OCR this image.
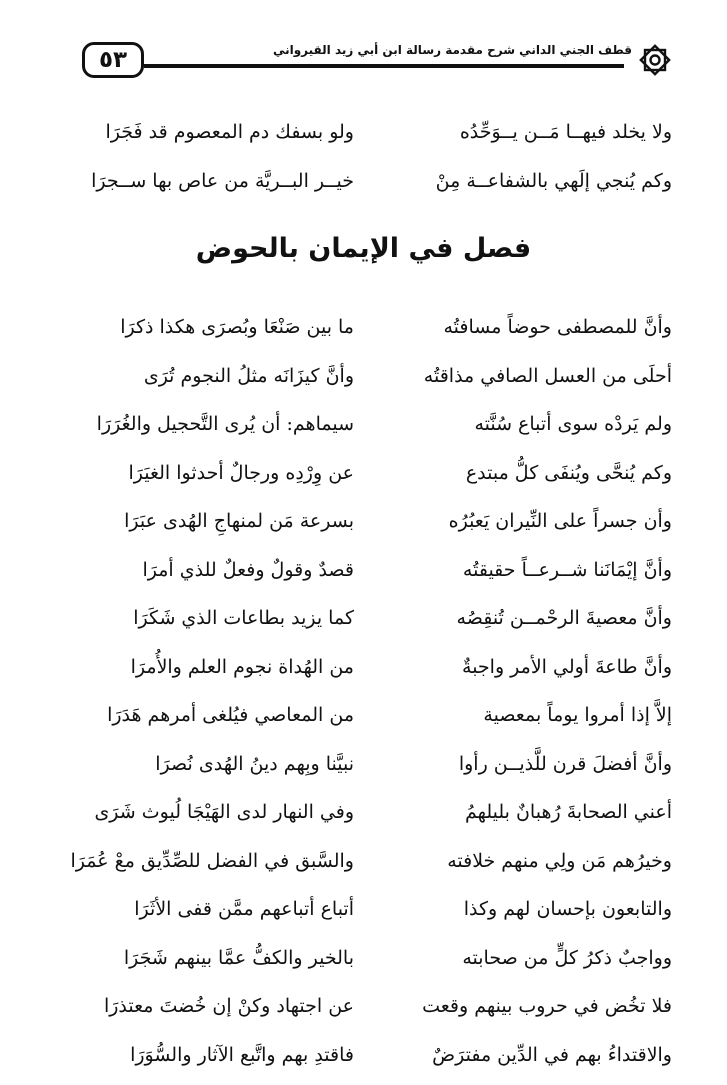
٥٣	قطف الجني الداني شرح مقدمة رسالة ابن أبي زيد القيرواني
ولا يخلد فيهــا مَــن يــوَحِّدُه
ولو بسفك دم المعصوم قد فَجَرَا
وكم يُنجي إلَهي بالشفاعــة مِنْ
خيــر البــريَّة من عاص بها ســجرَا
فصل في الإيمان بالحوض
وأنَّ للمصطفى حوضاً مسافتُه
ما بين صَنْعَا وبُصرَى هكذا ذكرَا
أحلَى من العسل الصافي مذاقتُه
وأنَّ كيزَانَه مثلُ النجوم تُرَى
ولم يَردْه سوى أتباع سُنَّته
سيماهم: أن يُرى التَّحجيل والغُرَرَا
وكم يُنحَّى ويُنفَى كلُّ مبتدع
عن وِرْدِه ورجالٌ أحدثوا الغيَرَا
وأن جسراً على النِّيران يَعبُرُه
بسرعة مَن لمنهاجِ الهُدى عبَرَا
وأنَّ إيْمَانَنا شــرعــاً حقيقتُه
قصدٌ وقولٌ وفعلٌ للذي أمرَا
وأنَّ معصيةَ الرحْمــن تُنقِصُه
كما يزيد بطاعات الذي شَكَرَا
وأنَّ طاعةَ أولي الأمر واجبةٌ
من الهُداة نجوم العلم والأُمرَا
إلاَّ إذا أمروا يوماً بمعصية
من المعاصي فيُلغى أمرهم هَدَرَا
وأنَّ أفضلَ قرن للَّذيــن رأوا
نبيَّنا وبِهم دينُ الهُدى نُصرَا
أعني الصحابةَ رُهبانٌ بليلهمُ
وفي النهار لدى الهَيْجَا لُيوث شَرَى
وخيرُهم مَن ولِي منهم خلافته
والسَّبق في الفضل للصِّدِّيق معْ عُمَرَا
والتابعون بإحسان لهم وكذا
أتباع أتباعهم ممَّن قفى الأثَرَا
وواجبٌ ذكرُ كلٍّ من صحابته
بالخير والكفُّ عمَّا بينهم شَجَرَا
فلا تخُض في حروب بينهم وقعت
عن اجتهاد وكنْ إن خُضتَ معتذرَا
والاقتداءُ بهم في الدِّين مفترَضٌ
فاقتدِ بهم واتَّبع الآثار والسُّوَرَا
